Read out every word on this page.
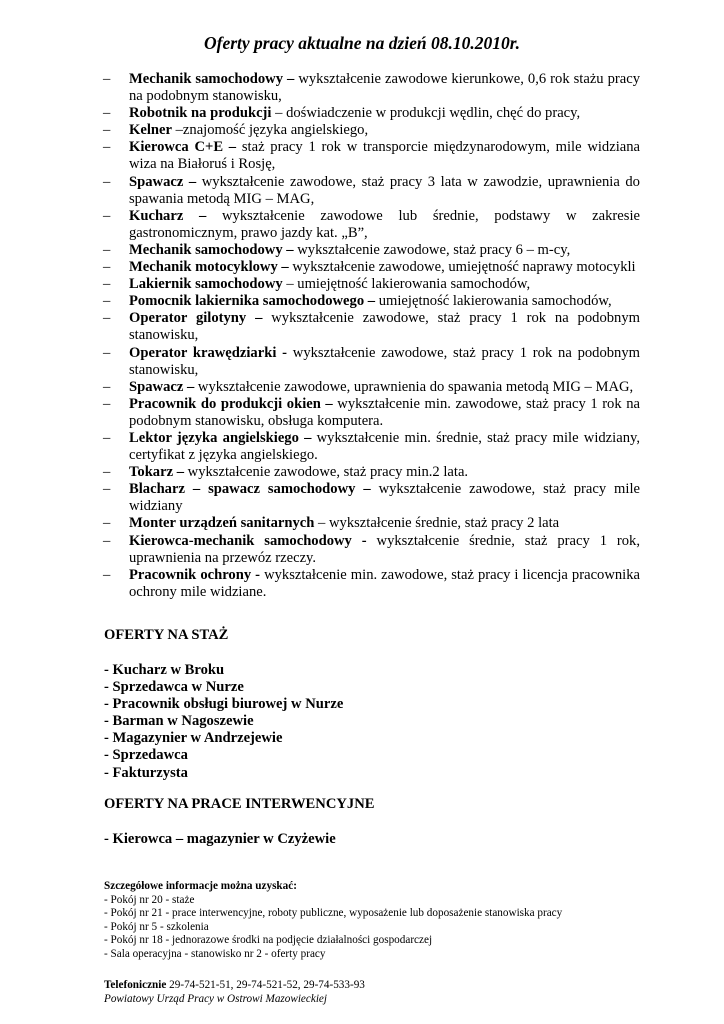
Oferty pracy aktualne na dzień 08.10.2010r.
– Mechanik samochodowy – wykształcenie zawodowe kierunkowe, 0,6 rok stażu pracy na podobnym stanowisku,
– Robotnik na produkcji – doświadczenie w produkcji wędlin, chęć do pracy,
– Kelner –znajomość języka angielskiego,
– Kierowca C+E – staż pracy 1 rok w transporcie międzynarodowym, mile widziana wiza na Białoruś i Rosję,
– Spawacz – wykształcenie zawodowe, staż pracy 3 lata w zawodzie, uprawnienia do spawania metodą MIG – MAG,
– Kucharz – wykształcenie zawodowe lub średnie, podstawy w zakresie gastronomicznym, prawo jazdy kat. „B”,
– Mechanik samochodowy – wykształcenie zawodowe, staż pracy 6 – m-cy,
– Mechanik motocyklowy – wykształcenie zawodowe, umiejętność naprawy motocykli
– Lakiernik samochodowy – umiejętność lakierowania samochodów,
– Pomocnik lakiernika samochodowego – umiejętność lakierowania samochodów,
– Operator gilotyny – wykształcenie zawodowe, staż pracy 1 rok na podobnym stanowisku,
– Operator krawędziarki - wykształcenie zawodowe, staż pracy 1 rok na podobnym stanowisku,
– Spawacz – wykształcenie zawodowe, uprawnienia do spawania metodą MIG – MAG,
– Pracownik do produkcji okien – wykształcenie min. zawodowe, staż pracy 1 rok na podobnym stanowisku, obsługa komputera.
– Lektor języka angielskiego – wykształcenie min. średnie, staż pracy mile widziany, certyfikat z języka angielskiego.
– Tokarz – wykształcenie zawodowe, staż pracy min.2 lata.
– Blacharz – spawacz samochodowy – wykształcenie zawodowe, staż pracy mile widziany
– Monter urządzeń sanitarnych – wykształcenie średnie, staż pracy 2 lata
– Kierowca-mechanik samochodowy - wykształcenie średnie, staż pracy 1 rok, uprawnienia na przewóz rzeczy.
– Pracownik ochrony - wykształcenie min. zawodowe, staż pracy i licencja pracownika ochrony mile widziane.
OFERTY NA STAŻ
- Kucharz w Broku
- Sprzedawca w Nurze
- Pracownik obsługi biurowej w Nurze
- Barman w Nagoszewie
- Magazynier w Andrzejewie
- Sprzedawca
- Fakturzysta
OFERTY NA PRACE INTERWENCYJNE
- Kierowca – magazynier w Czyżewie
Szczegółowe informacje można uzyskać:
- Pokój nr 20 - staże
- Pokój nr 21 - prace interwencyjne, roboty publiczne, wyposażenie lub doposażenie stanowiska pracy
- Pokój nr 5 - szkolenia
- Pokój nr 18 - jednorazowe środki na podjęcie działalności gospodarczej
- Sala operacyjna - stanowisko nr 2 - oferty pracy
Telefonicznie 29-74-521-51, 29-74-521-52, 29-74-533-93
Powiatowy Urząd Pracy w Ostrowi Mazowieckiej
